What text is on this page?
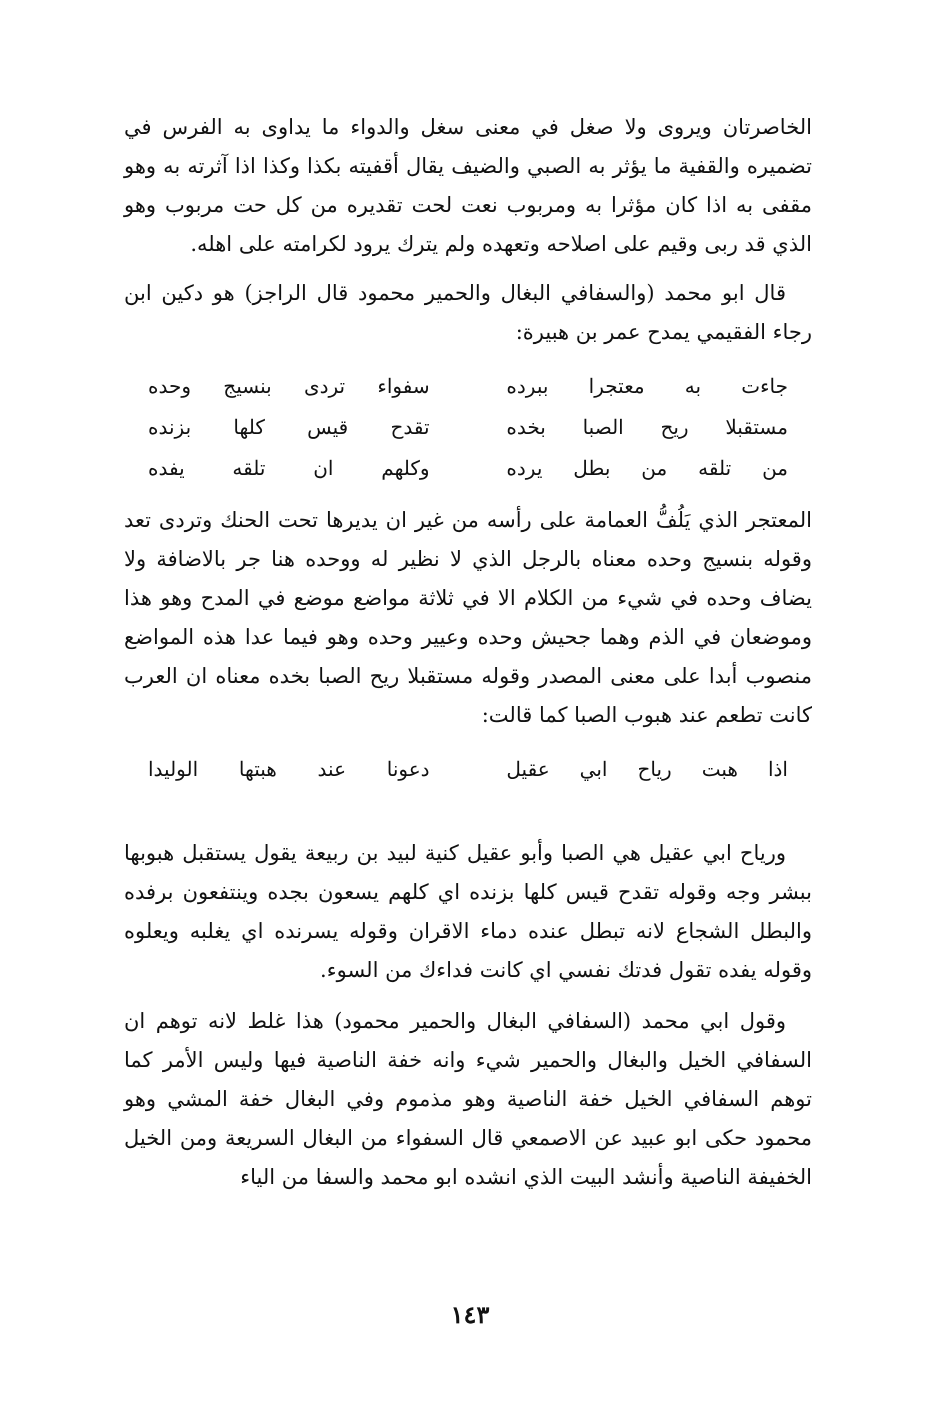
الخاصرتان ويروى ولا صغل في معنى سغل والدواء ما يداوى به الفرس في تضميره والقفية ما يؤثر به الصبي والضيف يقال أقفيته بكذا وكذا اذا آثرته به وهو مقفى به اذا كان مؤثرا به ومربوب نعت لحت تقديره من كل حت مربوب وهو الذي قد ربى وقيم على اصلاحه وتعهده ولم يترك يرود لكرامته على اهله.

قال ابو محمد (والسفافي البغال والحمير محمود قال الراجز) هو دكين ابن رجاء الفقيمي يمدح عمر بن هبيرة:

جاءت به معتجرا ببرده
سفواء تردى بنسيج وحده
مستقبلا ريح الصبا بخده
تقدح قيس كلها بزنده
من تلقه من بطل يرده
وكلهم ان تلقه يفده

المعتجر الذي يَلُفُّ العمامة على رأسه من غير ان يديرها تحت الحنك وتردى تعد وقوله بنسيج وحده معناه بالرجل الذي لا نظير له ووحده هنا جر بالاضافة ولا يضاف وحده في شيء من الكلام الا في ثلاثة مواضع موضع في المدح وهو هذا وموضعان في الذم وهما جحيش وحده وعيير وحده وهو فيما عدا هذه المواضع منصوب أبدا على معنى المصدر وقوله مستقبلا ريح الصبا بخده معناه ان العرب كانت تطعم عند هبوب الصبا كما قالت:

اذا هبت رياح ابي عقيل
دعونا عند هبتها الوليدا

ورياح ابي عقيل هي الصبا وأبو عقيل كنية لبيد بن ربيعة يقول يستقبل هبوبها ببشر وجه وقوله تقدح قيس كلها بزنده اي كلهم يسعون بجده وينتفعون برفده والبطل الشجاع لانه تبطل عنده دماء الاقران وقوله يسرنده اي يغلبه ويعلوه وقوله يفده تقول فدتك نفسي اي كانت فداءك من السوء.

وقول ابي محمد (السفافي البغال والحمير محمود) هذا غلط لانه توهم ان السفافي الخيل والبغال والحمير شيء وانه خفة الناصية فيها وليس الأمر كما توهم السفافي الخيل خفة الناصية وهو مذموم وفي البغال خفة المشي وهو محمود حكى ابو عبيد عن الاصمعي قال السفواء من البغال السريعة ومن الخيل الخفيفة الناصية وأنشد البيت الذي انشده ابو محمد والسفا من الياء

١٤٣
